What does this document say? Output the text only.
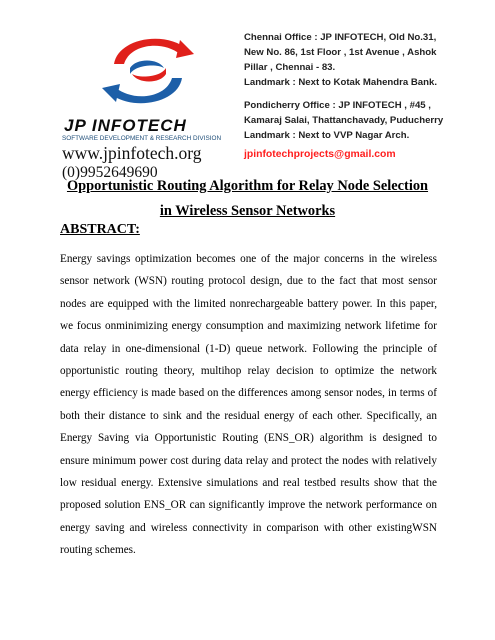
JP INFOTECH
SOFTWARE DEVELOPMENT & RESEARCH DIVISION
www.jpinfotech.org
(0)9952649690
Chennai Office : JP INFOTECH, Old No.31,
New No. 86, 1st Floor , 1st Avenue , Ashok
Pillar , Chennai - 83.
Landmark : Next to Kotak Mahendra Bank.
Pondicherry Office : JP INFOTECH , #45 ,
Kamaraj Salai, Thattanchavady, Puducherry
Landmark : Next to VVP Nagar Arch.
jpinfotechprojects@gmail.com
Opportunistic Routing Algorithm for Relay Node Selection
in Wireless Sensor Networks
ABSTRACT:

Energy savings optimization becomes one of the major concerns in the wireless sensor network (WSN) routing protocol design, due to the fact that most sensor nodes are equipped with the limited nonrechargeable battery power. In this paper, we focus onminimizing energy consumption and maximizing network lifetime for data relay in one-dimensional (1-D) queue network. Following the principle of opportunistic routing theory, multihop relay decision to optimize the network energy efficiency is made based on the differences among sensor nodes, in terms of both their distance to sink and the residual energy of each other. Specifically, an Energy Saving via Opportunistic Routing (ENS_OR) algorithm is designed to ensure minimum power cost during data relay and protect the nodes with relatively low residual energy. Extensive simulations and real testbed results show that the proposed solution ENS_OR can significantly improve the network performance on energy saving and wireless connectivity in comparison with other existingWSN routing schemes.
